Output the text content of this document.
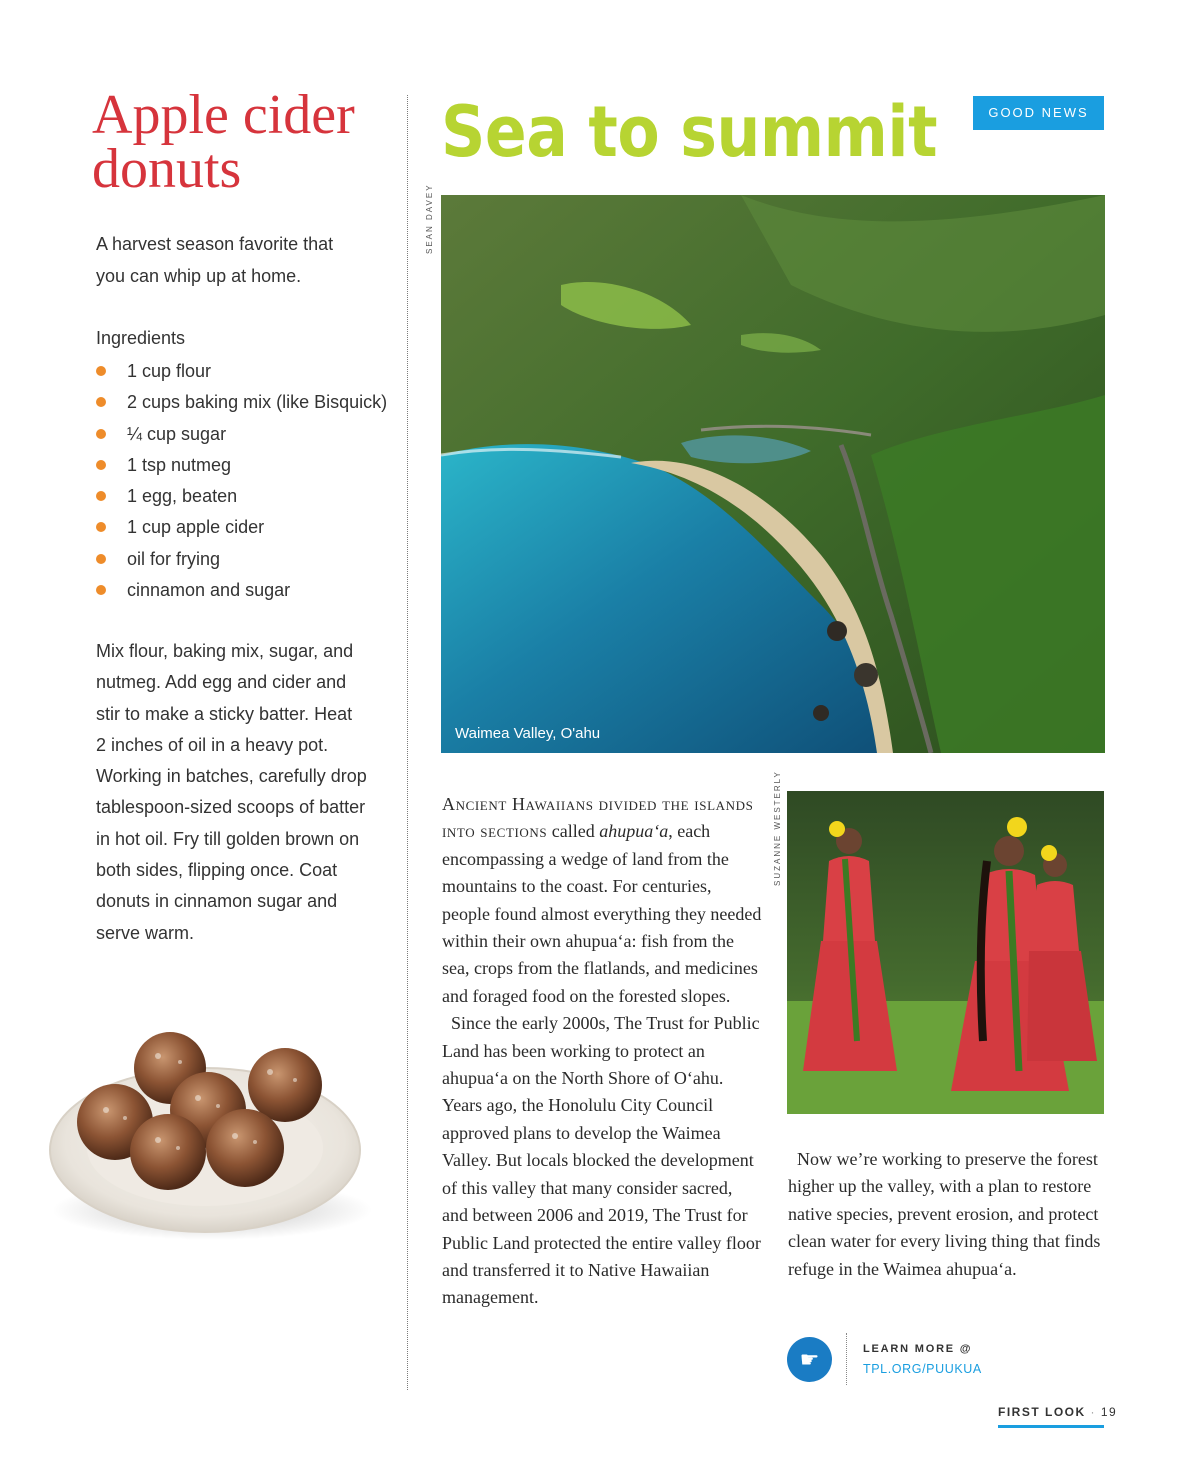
Apple cider
donuts
A harvest season favorite that
you can whip up at home.
Ingredients
1 cup flour
2 cups baking mix (like Bisquick)
¼ cup sugar
1 tsp nutmeg
1 egg, beaten
1 cup apple cider
oil for frying
cinnamon and sugar
Mix flour, baking mix, sugar, and
nutmeg. Add egg and cider and
stir to make a sticky batter. Heat
2 inches of oil in a heavy pot.
Working in batches, carefully drop
tablespoon-sized scoops of batter
in hot oil. Fry till golden brown on
both sides, flipping once. Coat
donuts in cinnamon sugar and
serve warm.
Sea to summit	GOOD NEWS
SEAN DAVEY
Waimea Valley, O'ahu

Ancient Hawaiians divided the islands into sections called ahupua‘a, each encompassing a wedge of land from the mountains to the coast. For centuries, people found almost everything they needed within their own ahupua‘a: fish from the sea, crops from the flatlands, and medicines and foraged food on the forested slopes.

Since the early 2000s, The Trust for Public Land has been working to protect an ahupua‘a on the North Shore of O‘ahu. Years ago, the Honolulu City Council approved plans to develop the Waimea Valley. But locals blocked the development of this valley that many consider sacred, and between 2006 and 2019, The Trust for Public Land protected the entire valley floor and transferred it to Native Hawaiian management.

SUZANNE WESTERLY

Now we’re working to preserve the forest higher up the valley, with a plan to restore native species, prevent erosion, and protect clean water for every living thing that finds refuge in the Waimea ahupua‘a.

☛	LEARN MORE @
TPL.ORG/PUUKUA
FIRST LOOK · 19
